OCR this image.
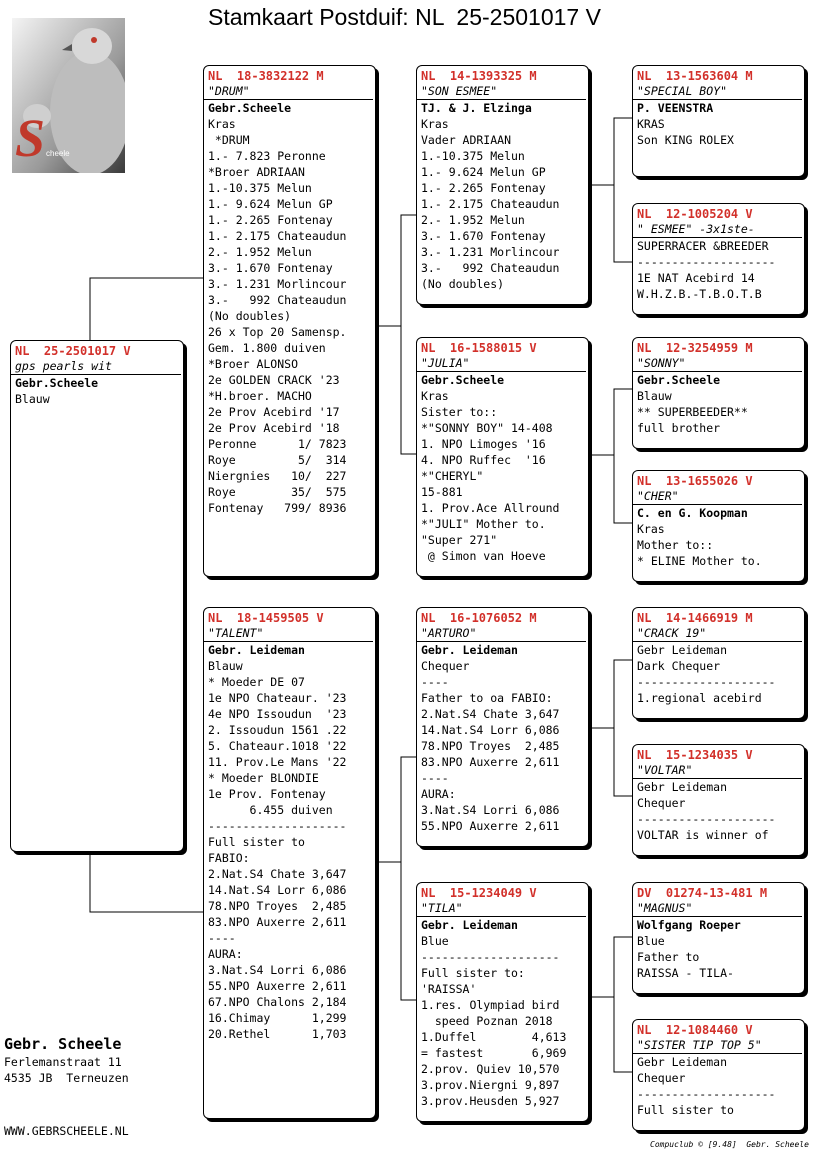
Stamkaart Postduif: NL  25-2501017 V
S cheele
NL  25-2501017 V
gps pearls wit
Gebr.Scheele
Blauw
NL  18-3832122 M
"DRUM"
Gebr.Scheele
Kras
*DRUM
1.- 7.823 Peronne
*Broer ADRIAAN
1.-10.375 Melun
1.- 9.624 Melun GP
1.- 2.265 Fontenay
1.- 2.175 Chateaudun
2.- 1.952 Melun
3.- 1.670 Fontenay
3.- 1.231 Morlincour
3.-   992 Chateaudun
(No doubles)
26 x Top 20 Samensp.
Gem. 1.800 duiven
*Broer ALONSO
2e GOLDEN CRACK '23
*H.broer. MACHO
2e Prov Acebird '17
2e Prov Acebird '18
Peronne      1/ 7823
Roye         5/  314
Niergnies   10/  227
Roye        35/  575
Fontenay   799/ 8936
NL  18-1459505 V
"TALENT"
Gebr. Leideman
Blauw
* Moeder DE 07
1e NPO Chateaur. '23
4e NPO Issoudun  '23
2. Issoudun 1561 .22
5. Chateaur.1018 '22
11. Prov.Le Mans '22
* Moeder BLONDIE
1e Prov. Fontenay
6.455 duiven
--------------------
Full sister to
FABIO:
2.Nat.S4 Chate 3,647
14.Nat.S4 Lorr 6,086
78.NPO Troyes  2,485
83.NPO Auxerre 2,611
----
AURA:
3.Nat.S4 Lorri 6,086
55.NPO Auxerre 2,611
67.NPO Chalons 2,184
16.Chimay      1,299
20.Rethel      1,703
NL  14-1393325 M
"SON ESMEE"
TJ. & J. Elzinga
Kras
Vader ADRIAAN
1.-10.375 Melun
1.- 9.624 Melun GP
1.- 2.265 Fontenay
1.- 2.175 Chateaudun
2.- 1.952 Melun
3.- 1.670 Fontenay
3.- 1.231 Morlincour
3.-   992 Chateaudun
(No doubles)
NL  16-1588015 V
"JULIA"
Gebr.Scheele
Kras
Sister to::
*"SONNY BOY" 14-408
1. NPO Limoges '16
4. NPO Ruffec  '16
*"CHERYL"
15-881
1. Prov.Ace Allround
*"JULI" Mother to.
"Super 271"
@ Simon van Hoeve
NL  16-1076052 M
"ARTURO"
Gebr. Leideman
Chequer
----
Father to oa FABIO:
2.Nat.S4 Chate 3,647
14.Nat.S4 Lorr 6,086
78.NPO Troyes  2,485
83.NPO Auxerre 2,611
----
AURA:
3.Nat.S4 Lorri 6,086
55.NPO Auxerre 2,611
NL  15-1234049 V
"TILA"
Gebr. Leideman
Blue
--------------------
Full sister to:
'RAISSA'
1.res. Olympiad bird
speed Poznan 2018
1.Duffel        4,613
= fastest       6,969
2.prov. Quiev 10,570
3.prov.Niergni 9,897
3.prov.Heusden 5,927
NL  13-1563604 M
"SPECIAL BOY"
P. VEENSTRA
KRAS
Son KING ROLEX
NL  12-1005204 V
" ESMEE" -3x1ste-
SUPERRACER &BREEDER
--------------------
1E NAT Acebird 14
W.H.Z.B.-T.B.O.T.B
NL  12-3254959 M
"SONNY"
Gebr.Scheele
Blauw
** SUPERBEEDER**
full brother
NL  13-1655026 V
"CHER"
C. en G. Koopman
Kras
Mother to::
* ELINE Mother to.
NL  14-1466919 M
"CRACK 19"
Gebr Leideman
Dark Chequer
--------------------
1.regional acebird
NL  15-1234035 V
"VOLTAR"
Gebr Leideman
Chequer
--------------------
VOLTAR is winner of
DV  01274-13-481 M
"MAGNUS"
Wolfgang Roeper
Blue
Father to
RAISSA - TILA-
NL  12-1084460 V
"SISTER TIP TOP 5"
Gebr Leideman
Chequer
--------------------
Full sister to
Gebr. Scheele
Ferlemanstraat 11
4535 JB  Terneuzen
WWW.GEBRSCHEELE.NL
Compuclub © [9.48]  Gebr. Scheele
